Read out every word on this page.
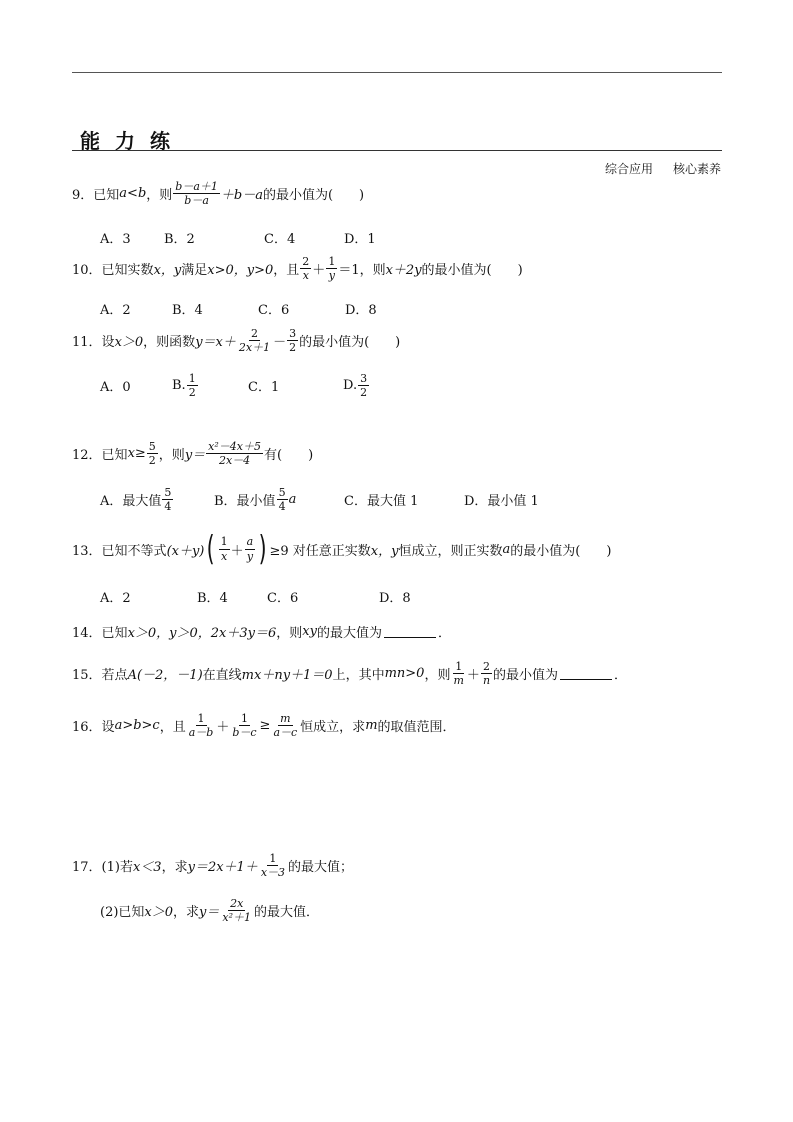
能力练
综合应用 核心素养
9． 已知 a<b ，则 $\frac{b-a+1}{b-a} +b-a$ 的最小值为(　　)
A．3	B．2	C．4	D．1
10． 已知实数 x，y 满足 x>0，y>0 ，且 $\frac{2}{x} + \frac{1}{y} =1$，则 x＋2y 的最小值为(　　)
A．2	B．4	C．6	D．8
11． 设 x＞0 ，则函数 $y=x+ \frac{2}{2x+1} - \frac{3}{2}$ 的最小值为(　　)
A．0	B. $\frac{1}{2}$	C．1	D. $\frac{3}{2}$
12． 已知 $x\ge \frac{5}{2}$ ，则 $y= \frac{\text{x²－4x＋5}}{2x-4}$ 有(　　)
A．最大值 $\frac{5}{4}$	B．最小值 $\frac{5}{4}$ a	C．最大值 1	D．最小值 1
13． 已知不等式 (x＋y) ( $\frac{1}{x} + \frac{a}{y}$ ) ≥9 对任意正实数 x，y 恒成立，则正实数 a 的最小值为(　　)
A．2	B．4	C．6	D．8
14． 已知 x＞0，y＞0，2x＋3y＝6 ，则 xy 的最大值为	．
15． 若点 A(－2，－1) 在直线 mx＋ny＋1＝0 上，其中 mn>0 ，则 $\frac{1}{m} + \frac{2}{n}$ 的最小值为	．
16． 设 a>b>c ，且 $\frac{1}{a-b} + \frac{1}{b-c} \ge \frac{m}{a-c}$ 恒成立，求 m 的取值范围．
17． (1)若 x＜3 ，求 $y=2x+1+ \frac{1}{x-3}$ 的最大值；
(2)已知 x＞0 ，求 $y= \frac{2x}{\text{x²＋1}}$ 的最大值．
